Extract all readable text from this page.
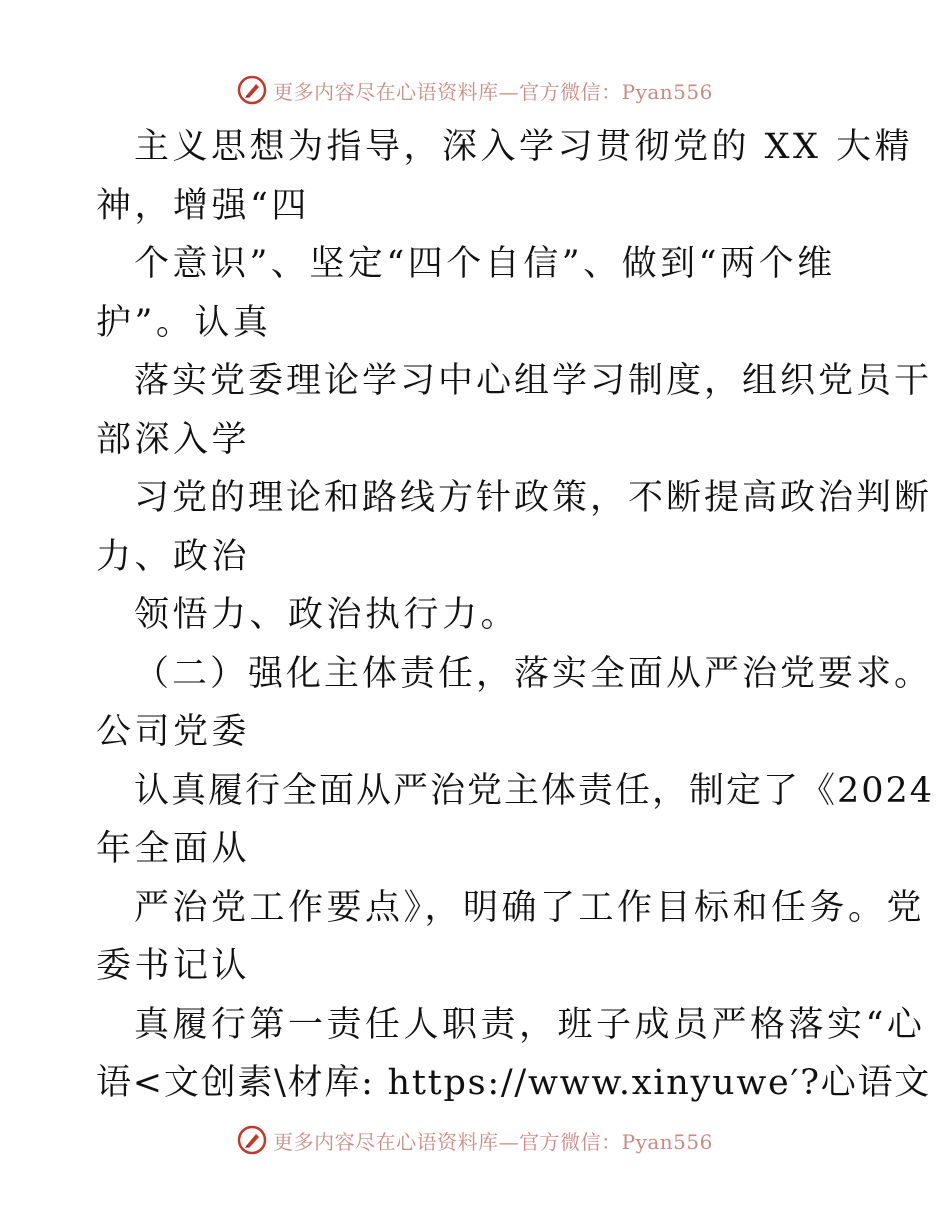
更多内容尽在心语资料库—官方微信：Pyan556
主义思想为指导，深入学习贯彻党的 XX 大精
神，增强“四
个意识”、坚定“四个自信”、做到“两个维
护”。认真
落实党委理论学习中心组学习制度，组织党员干
部深入学
习党的理论和路线方针政策，不断提高政治判断
力、政治
领悟力、政治执行力。
（二）强化主体责任，落实全面从严治党要求。
公司党委
认真履行全面从严治党主体责任，制定了《2024
年全面从
严治党工作要点》，明确了工作目标和任务。党
委书记认
真履行第一责任人职责，班子成员严格落实“心
语<文创素\材库: https://www.xinyuwe′?心语文
更多内容尽在心语资料库—官方微信：Pyan556
